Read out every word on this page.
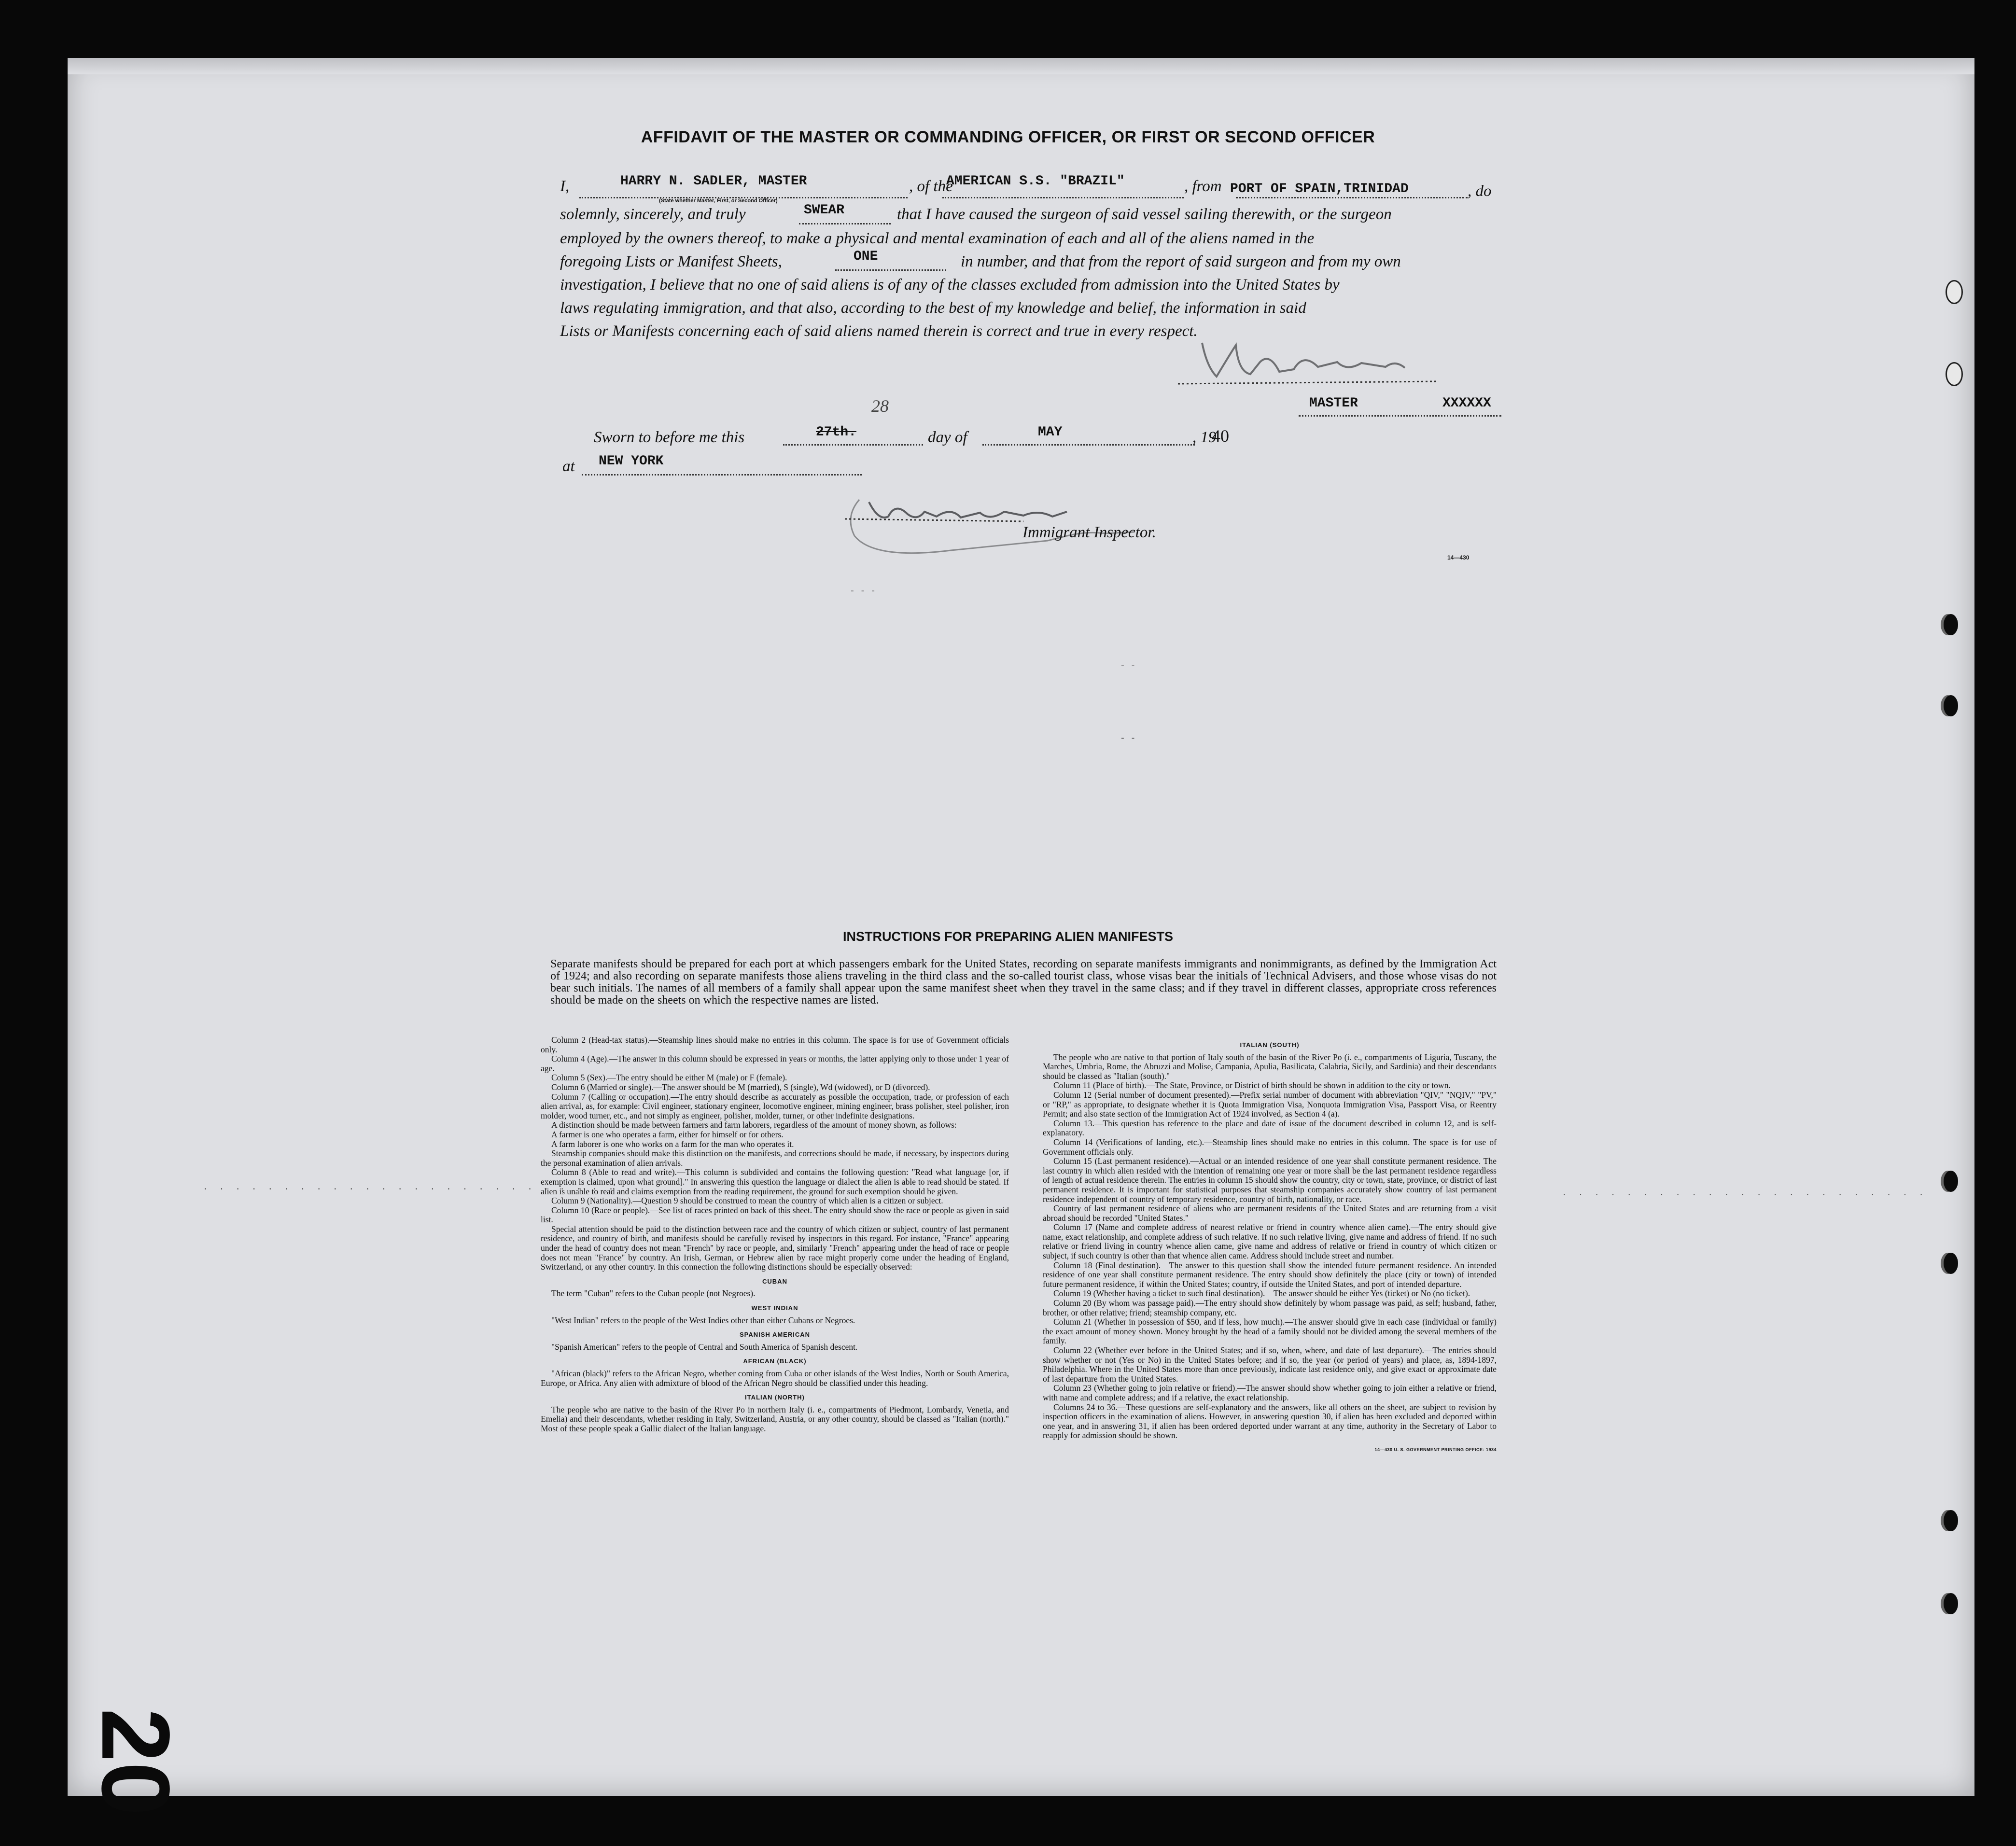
AFFIDAVIT OF THE MASTER OR COMMANDING OFFICER, OR FIRST OR SECOND OFFICER
I,	HARRY N. SADLER, MASTER	, of the
AMERICAN S.S. "BRAZIL"	, from PORT OF SPAIN,TRINIDAD	, do
(State whether Master, First, or Second Officer)
solemnly, sincerely, and truly	SWEAR	that I have caused the surgeon of said vessel sailing therewith, or the surgeon
employed by the owners thereof, to make a physical and mental examination of each and all of the aliens named in the
foregoing Lists or Manifest Sheets,	ONE	in number, and that from the report of said surgeon and from my own
investigation, I believe that no one of said aliens is of any of the classes excluded from admission into the United States by
laws regulating immigration, and that also, according to the best of my knowledge and belief, the information in said
Lists or Manifests concerning each of said aliens named therein is correct and true in every respect.
MASTER	XXXXXX
Sworn to before me this	27th.
28
day of	MAY	, 19
40
at NEW YORK
Immigrant Inspector.
14—430
- - -
- -
- -
. . . . . . . . . . . . . . . . . . . . . . . . . .
. . . . . . . . . . . . . . . . . . . . . . .
INSTRUCTIONS FOR PREPARING ALIEN MANIFESTS
Separate manifests should be prepared for each port at which passengers embark for the United States, recording on separate manifests immigrants and nonimmigrants, as defined by the Immigration Act of 1924; and also recording on separate manifests those aliens traveling in the third class and the so-called tourist class, whose visas bear the initials of Technical Advisers, and those whose visas do not bear such initials. The names of all members of a family shall appear upon the same manifest sheet when they travel in the same class; and if they travel in different classes, appropriate cross references should be made on the sheets on which the respective names are listed.

Column 2 (Head-tax status).—Steamship lines should make no entries in this column. The space is for use of Government officials only.

Column 4 (Age).—The answer in this column should be expressed in years or months, the latter applying only to those under 1 year of age.

Column 5 (Sex).—The entry should be either M (male) or F (female).

Column 6 (Married or single).—The answer should be M (married), S (single), Wd (widowed), or D (divorced).

Column 7 (Calling or occupation).—The entry should describe as accurately as possible the occupation, trade, or profession of each alien arrival, as, for example: Civil engineer, stationary engineer, locomotive engineer, mining engineer, brass polisher, steel polisher, iron molder, wood turner, etc., and not simply as engineer, polisher, molder, turner, or other indefinite designations.

A distinction should be made between farmers and farm laborers, regardless of the amount of money shown, as follows:

A farmer is one who operates a farm, either for himself or for others.

A farm laborer is one who works on a farm for the man who operates it.

Steamship companies should make this distinction on the manifests, and corrections should be made, if necessary, by inspectors during the personal examination of alien arrivals.

Column 8 (Able to read and write).—This column is subdivided and contains the following question: "Read what language [or, if exemption is claimed, upon what ground]." In answering this question the language or dialect the alien is able to read should be stated. If alien is unable to read and claims exemption from the reading requirement, the ground for such exemption should be given.

Column 9 (Nationality).—Question 9 should be construed to mean the country of which alien is a citizen or subject.

Column 10 (Race or people).—See list of races printed on back of this sheet. The entry should show the race or people as given in said list.

Special attention should be paid to the distinction between race and the country of which citizen or subject, country of last permanent residence, and country of birth, and manifests should be carefully revised by inspectors in this regard. For instance, "France" appearing under the head of country does not mean "French" by race or people, and, similarly "French" appearing under the head of race or people does not mean "France" by country. An Irish, German, or Hebrew alien by race might properly come under the heading of England, Switzerland, or any other country. In this connection the following distinctions should be especially observed:

CUBAN

The term "Cuban" refers to the Cuban people (not Negroes).

WEST INDIAN

"West Indian" refers to the people of the West Indies other than either Cubans or Negroes.

SPANISH AMERICAN

"Spanish American" refers to the people of Central and South America of Spanish descent.

AFRICAN (BLACK)

"African (black)" refers to the African Negro, whether coming from Cuba or other islands of the West Indies, North or South America, Europe, or Africa. Any alien with admixture of blood of the African Negro should be classified under this heading.

ITALIAN (NORTH)

The people who are native to the basin of the River Po in northern Italy (i. e., compartments of Piedmont, Lombardy, Venetia, and Emelia) and their descendants, whether residing in Italy, Switzerland, Austria, or any other country, should be classed as "Italian (north)." Most of these people speak a Gallic dialect of the Italian language.

ITALIAN (SOUTH)

The people who are native to that portion of Italy south of the basin of the River Po (i. e., compartments of Liguria, Tuscany, the Marches, Umbria, Rome, the Abruzzi and Molise, Campania, Apulia, Basilicata, Calabria, Sicily, and Sardinia) and their descendants should be classed as "Italian (south)."

Column 11 (Place of birth).—The State, Province, or District of birth should be shown in addition to the city or town.

Column 12 (Serial number of document presented).—Prefix serial number of document with abbreviation "QIV," "NQIV," "PV," or "RP," as appropriate, to designate whether it is Quota Immigration Visa, Nonquota Immigration Visa, Passport Visa, or Reentry Permit; and also state section of the Immigration Act of 1924 involved, as Section 4 (a).

Column 13.—This question has reference to the place and date of issue of the document described in column 12, and is self-explanatory.

Column 14 (Verifications of landing, etc.).—Steamship lines should make no entries in this column. The space is for use of Government officials only.

Column 15 (Last permanent residence).—Actual or an intended residence of one year shall constitute permanent residence. The last country in which alien resided with the intention of remaining one year or more shall be the last permanent residence regardless of length of actual residence therein. The entries in column 15 should show the country, city or town, state, province, or district of last permanent residence. It is important for statistical purposes that steamship companies accurately show country of last permanent residence independent of country of temporary residence, country of birth, nationality, or race.

Country of last permanent residence of aliens who are permanent residents of the United States and are returning from a visit abroad should be recorded "United States."

Column 17 (Name and complete address of nearest relative or friend in country whence alien came).—The entry should give name, exact relationship, and complete address of such relative. If no such relative living, give name and address of friend. If no such relative or friend living in country whence alien came, give name and address of relative or friend in country of which citizen or subject, if such country is other than that whence alien came. Address should include street and number.

Column 18 (Final destination).—The answer to this question shall show the intended future permanent residence. An intended residence of one year shall constitute permanent residence. The entry should show definitely the place (city or town) of intended future permanent residence, if within the United States; country, if outside the United States, and port of intended departure.

Column 19 (Whether having a ticket to such final destination).—The answer should be either Yes (ticket) or No (no ticket).

Column 20 (By whom was passage paid).—The entry should show definitely by whom passage was paid, as self; husband, father, brother, or other relative; friend; steamship company, etc.

Column 21 (Whether in possession of $50, and if less, how much).—The answer should give in each case (individual or family) the exact amount of money shown. Money brought by the head of a family should not be divided among the several members of the family.

Column 22 (Whether ever before in the United States; and if so, when, where, and date of last departure).—The entries should show whether or not (Yes or No) in the United States before; and if so, the year (or period of years) and place, as, 1894-1897, Philadelphia. Where in the United States more than once previously, indicate last residence only, and give exact or approximate date of last departure from the United States.

Column 23 (Whether going to join relative or friend).—The answer should show whether going to join either a relative or friend, with name and complete address; and if a relative, the exact relationship.

Columns 24 to 36.—These questions are self-explanatory and the answers, like all others on the sheet, are subject to revision by inspection officers in the examination of aliens. However, in answering question 30, if alien has been excluded and deported within one year, and in answering 31, if alien has been ordered deported under warrant at any time, authority in the Secretary of Labor to reapply for admission should be shown.

14—430 U. S. GOVERNMENT PRINTING OFFICE: 1934

20
